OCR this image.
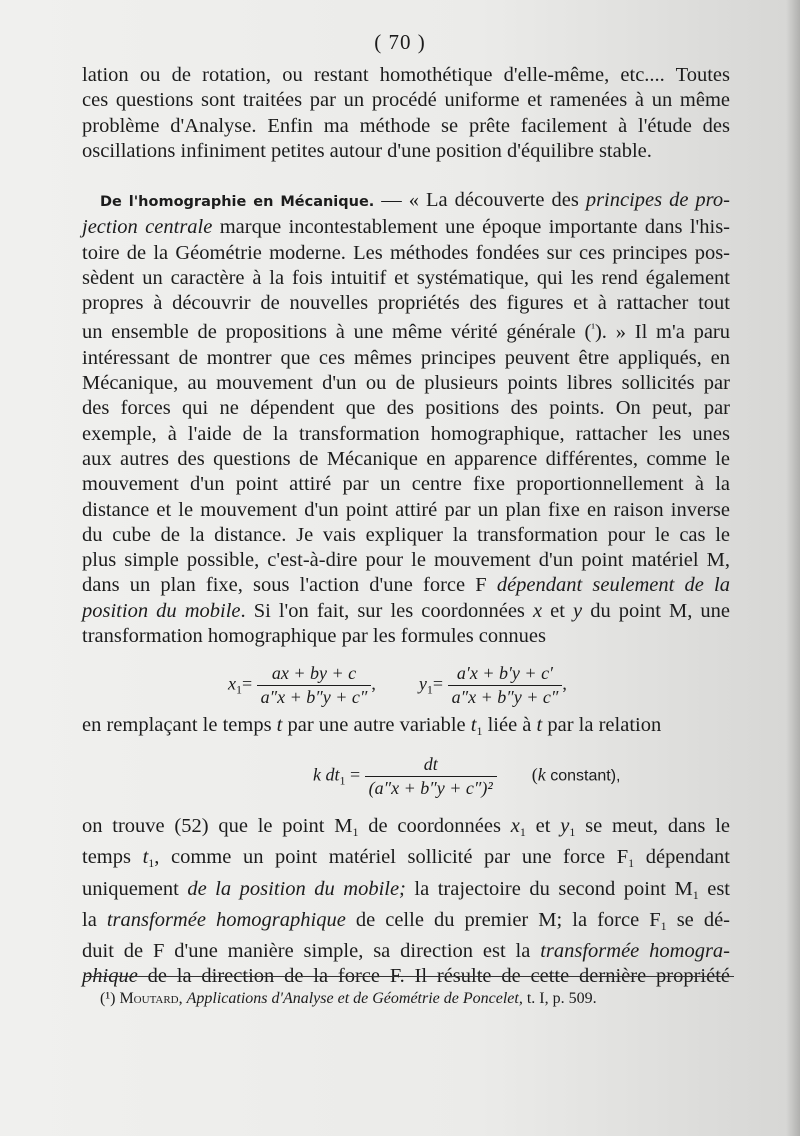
( 70 )
lation ou de rotation, ou restant homothétique d'elle-même, etc.... Toutes
ces questions sont traitées par un procédé uniforme et ramenées à un même
problème d'Analyse. Enfin ma méthode se prête facilement à l'étude des
oscillations infiniment petites autour d'une position d'équilibre stable.
De l'homographie en Mécanique. — « La découverte des principes de pro-
jection centrale marque incontestablement une époque importante dans l'his-
toire de la Géométrie moderne. Les méthodes fondées sur ces principes pos-
sèdent un caractère à la fois intuitif et systématique, qui les rend également
propres à découvrir de nouvelles propriétés des figures et à rattacher tout
un ensemble de propositions à une même vérité générale ($^{^1}$). » Il m'a paru
intéressant de montrer que ces mêmes principes peuvent être appliqués, en
Mécanique, au mouvement d'un ou de plusieurs points libres sollicités par
des forces qui ne dépendent que des positions des points. On peut, par
exemple, à l'aide de la transformation homographique, rattacher les unes
aux autres des questions de Mécanique en apparence différentes, comme le
mouvement d'un point attiré par un centre fixe proportionnellement à la
distance et le mouvement d'un point attiré par un plan fixe en raison inverse
du cube de la distance. Je vais expliquer la transformation pour le cas le
plus simple possible, c'est-à-dire pour le mouvement d'un point matériel M,
dans un plan fixe, sous l'action d'une force F dépendant seulement de la
position du mobile. Si l'on fait, sur les coordonnées x et y du point M, une
transformation homographique par les formules connues
$x_1= \frac{ax + by + c}{a''x + b''y + c''}$ , $y_1= \frac{a'x + b'y + c'}{a''x + b''y + c''}$ ,
en remplaçant le temps t par une autre variable $t_1$ liée à t par la relation
k $dt_1 = \frac{dt}{\text{(a″x + b″y + c″)²}} (k$ constant),
on trouve (52) que le point $M_1$ de coordonnées $x_1$ et $y_1$ se meut, dans le
temps $t_1$, comme un point matériel sollicité par une force $F_1$ dépendant
uniquement de la position du mobile; la trajectoire du second point $M_1$ est
la transformée homographique de celle du premier M; la force $F_1$ se dé-
duit de F d'une manière simple, sa direction est la transformée homogra-
phique de la direction de la force F. Il résulte de cette dernière propriété
(¹) Moutard, Applications d'Analyse et de Géométrie de Poncelet, t. I, p. 509.
